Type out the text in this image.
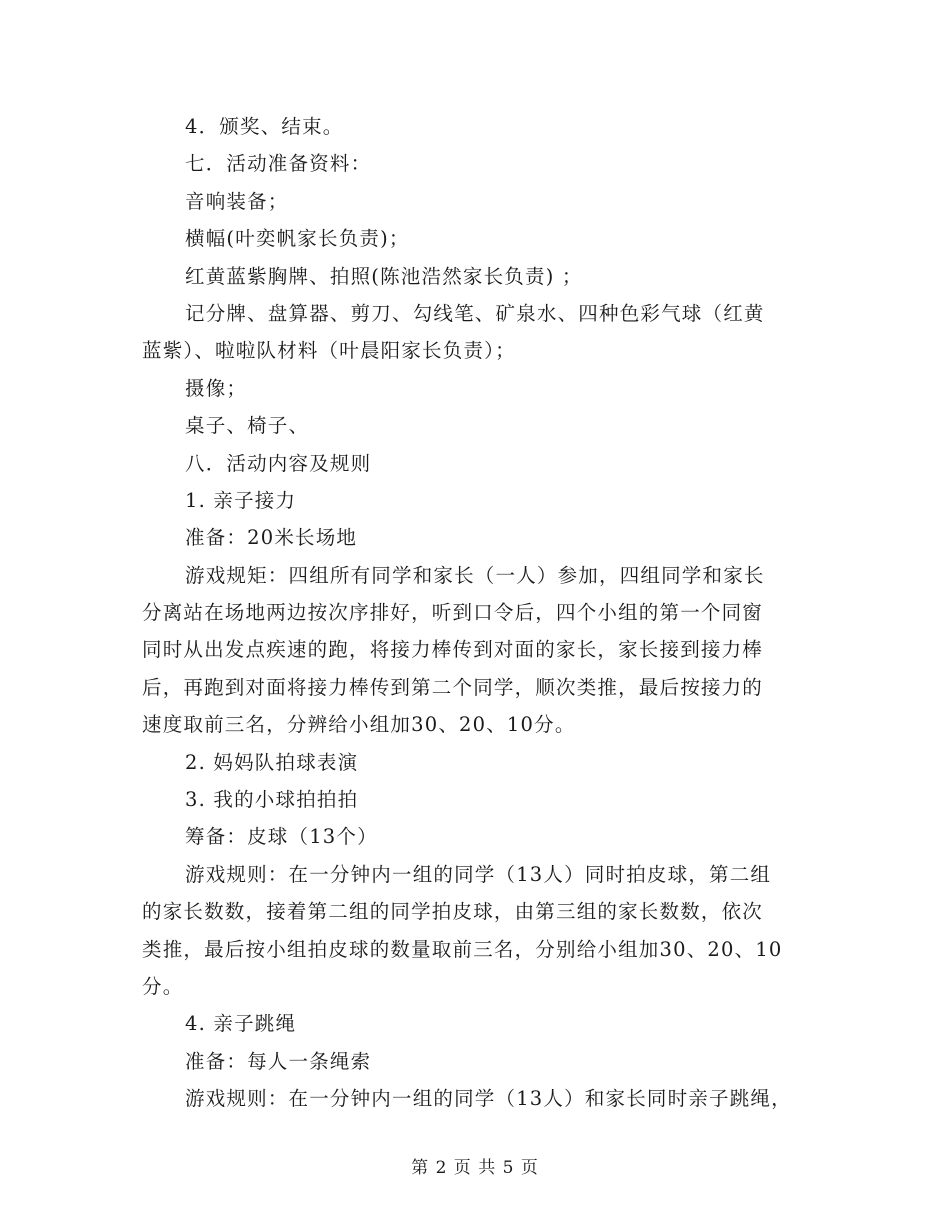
4．颁奖、结束。
七．活动准备资料：
音响装备；
横幅(叶奕帆家长负责)；
红黄蓝紫胸牌、拍照(陈池浩然家长负责) ；
记分牌、盘算器、剪刀、勾线笔、矿泉水、四种色彩气球（红黄
蓝紫）、啦啦队材料（叶晨阳家长负责）；
摄像；
桌子、椅子、
八．活动内容及规则
1. 亲子接力
准备：20米长场地
游戏规矩：四组所有同学和家长（一人）参加，四组同学和家长
分离站在场地两边按次序排好，听到口令后，四个小组的第一个同窗
同时从出发点疾速的跑，将接力棒传到对面的家长，家长接到接力棒
后，再跑到对面将接力棒传到第二个同学，顺次类推，最后按接力的
速度取前三名，分辨给小组加30、20、10分。
2. 妈妈队拍球表演
3. 我的小球拍拍拍
筹备：皮球（13个）
游戏规则：在一分钟内一组的同学（13人）同时拍皮球，第二组
的家长数数，接着第二组的同学拍皮球，由第三组的家长数数，依次
类推，最后按小组拍皮球的数量取前三名，分别给小组加30、20、10
分。
4. 亲子跳绳
准备：每人一条绳索
游戏规则：在一分钟内一组的同学（13人）和家长同时亲子跳绳，
第 2 页 共 5 页
